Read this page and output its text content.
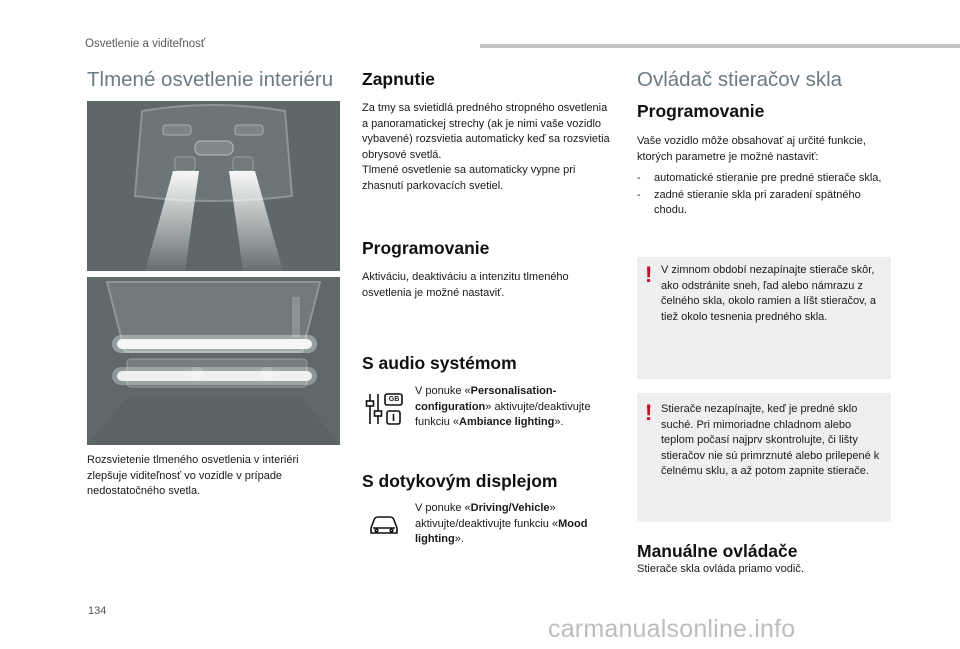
Osvetlenie a viditeľnosť
Tlmené osvetlenie interiéru

Rozsvietenie tlmeného osvetlenia v interiéri zlepšuje viditeľnosť vo vozidle v prípade nedostatočného svetla.

Zapnutie

Za tmy sa svietidlá predného stropného osvetlenia a panoramatickej strechy (ak je nimi vaše vozidlo vybavené) rozsvietia automaticky keď sa rozsvietia obrysové svetlá.
Tlmené osvetlenie sa automaticky vypne pri zhasnutí parkovacích svetiel.

Programovanie

Aktiváciu, deaktiváciu a intenzitu tlmeného osvetlenia je možné nastaviť.

S audio systémom
GB

V ponuke «Personalisation-configuration» aktivujte/deaktivujte funkciu «Ambiance lighting».

S dotykovým displejom

V ponuke «Driving/Vehicle» aktivujte/deaktivujte funkciu «Mood lighting».

Ovládač stieračov skla
Programovanie

Vaše vozidlo môže obsahovať aj určité funkcie, ktorých parametre je možné nastaviť:

- automatické stieranie pre predné stierače skla,
- zadné stieranie skla pri zaradení spätného chodu.
! V zimnom období nezapínajte stierače skôr, ako odstránite sneh, ľad alebo námrazu z čelného skla, okolo ramien a líšt stieračov, a tiež okolo tesnenia predného skla.

! Stierače nezapínajte, keď je predné sklo suché. Pri mimoriadne chladnom alebo teplom počasí najprv skontrolujte, či lišty stieračov nie sú primrznuté alebo prilepené k čelnému sklu, a až potom zapnite stierače.

Manuálne ovládače

Stierače skla ovláda priamo vodič.

134
carmanualsonline.info
